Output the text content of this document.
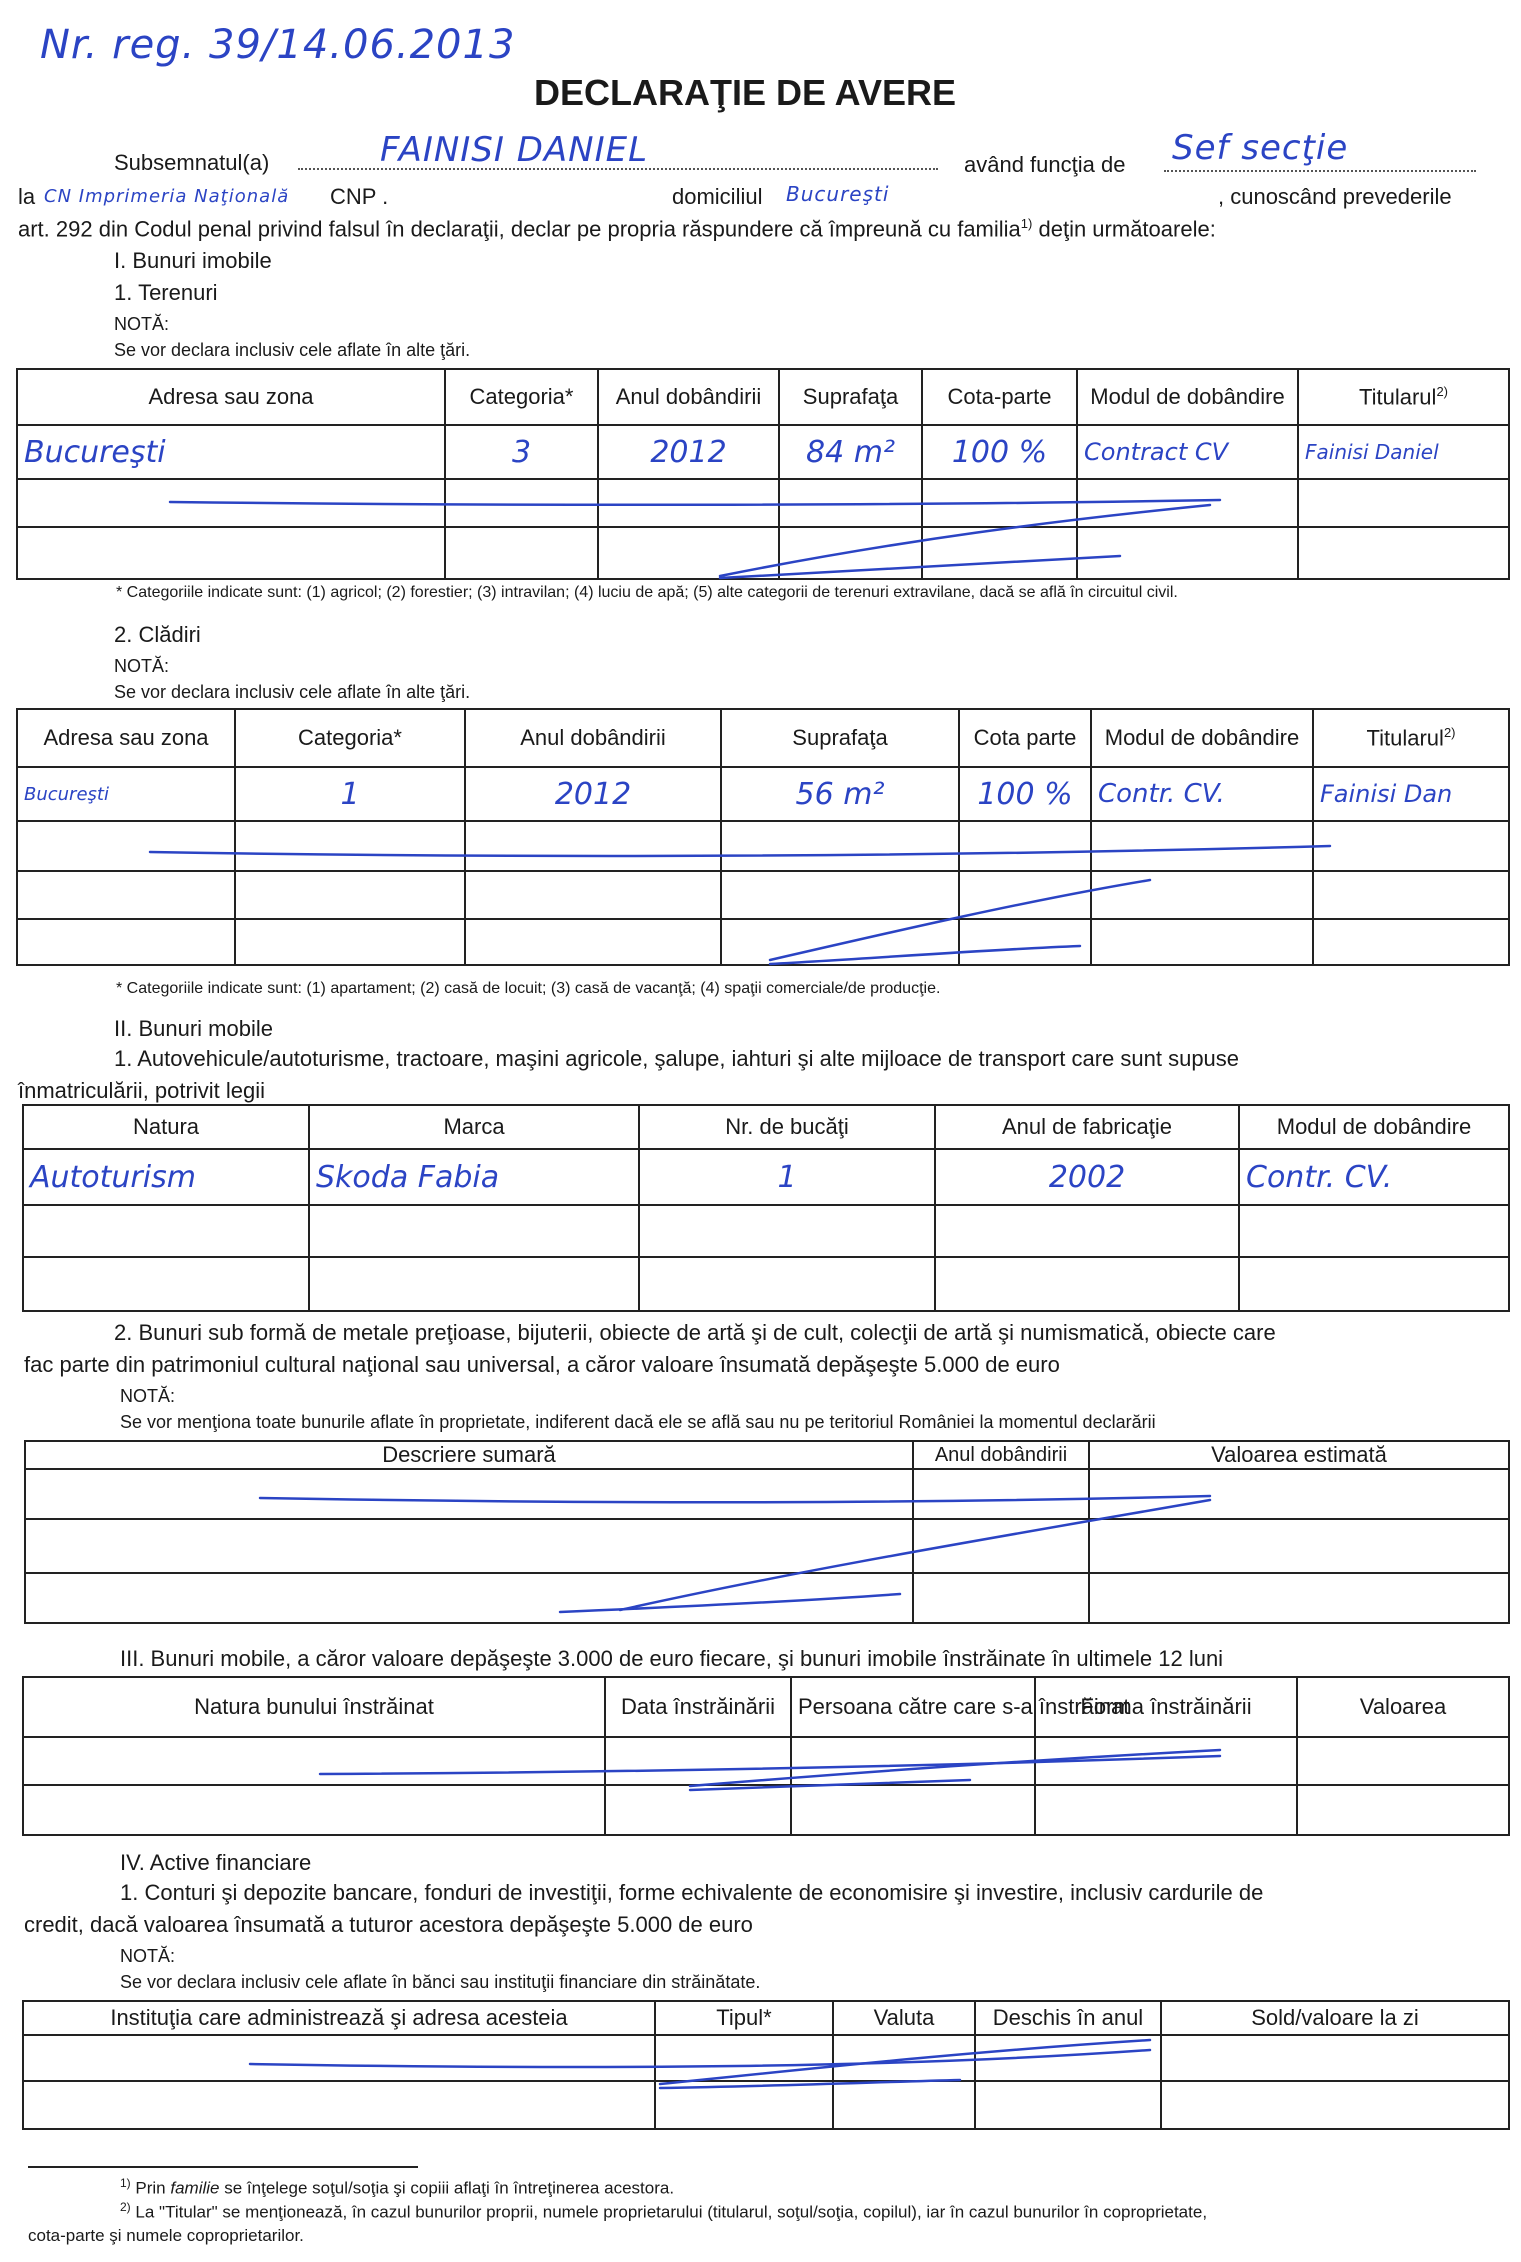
Nr. reg. 39/14.06.2013
DECLARAŢIE DE AVERE
Subsemnatul(a)	FAINISI DANIEL	având funcţia de Sef secţie
la CN Imprimeria Naţională CNP .	domiciliul Bucureşti	, cunoscând prevederile
art. 292 din Codul penal privind falsul în declaraţii, declar pe propria răspundere că împreună cu familia$^{1)}$ deţin următoarele:
I. Bunuri imobile
1. Terenuri
NOTĂ:
Se vor declara inclusiv cele aflate în alte ţări.
Adresa sau zona	Categoria*	Anul dobândirii	Suprafaţa	Cota-parte	Modul de dobândire	Titularul$^{2)}$
Bucureşti	3	2012	84 m²	100 %	Contract CV	Fainisi Daniel

* Categoriile indicate sunt: (1) agricol; (2) forestier; (3) intravilan; (4) luciu de apă; (5) alte categorii de terenuri extravilane, dacă se află în circuitul civil.
2. Clădiri
NOTĂ:
Se vor declara inclusiv cele aflate în alte ţări.
Adresa sau zona	Categoria*	Anul dobândirii	Suprafaţa	Cota parte	Modul de dobândire	Titularul$^{2)}$
Bucureşti	1	2012	56 m²	100 %	Contr. CV.	Fainisi Dan

* Categoriile indicate sunt: (1) apartament; (2) casă de locuit; (3) casă de vacanţă; (4) spaţii comerciale/de producţie.
II. Bunuri mobile
1. Autovehicule/autoturisme, tractoare, maşini agricole, şalupe, iahturi şi alte mijloace de transport care sunt supuse
înmatriculării, potrivit legii
Natura	Marca	Nr. de bucăţi	Anul de fabricaţie	Modul de dobândire
Autoturism	Skoda Fabia	1	2002	Contr. CV.

2. Bunuri sub formă de metale preţioase, bijuterii, obiecte de artă şi de cult, colecţii de artă şi numismatică, obiecte care
fac parte din patrimoniul cultural naţional sau universal, a căror valoare însumată depăşeşte 5.000 de euro
NOTĂ:
Se vor menţiona toate bunurile aflate în proprietate, indiferent dacă ele se află sau nu pe teritoriul României la momentul declarării
Descriere sumară	Anul dobândirii	Valoarea estimată

III. Bunuri mobile, a căror valoare depăşeşte 3.000 de euro fiecare, şi bunuri imobile înstrăinate în ultimele 12 luni
Natura bunului înstrăinat	Data înstrăinării	Persoana către care s-a înstrăinat	Forma înstrăinării	Valoarea

IV. Active financiare
1. Conturi şi depozite bancare, fonduri de investiţii, forme echivalente de economisire şi investire, inclusiv cardurile de
credit, dacă valoarea însumată a tuturor acestora depăşeşte 5.000 de euro
NOTĂ:
Se vor declara inclusiv cele aflate în bănci sau instituţii financiare din străinătate.
Instituţia care administrează şi adresa acesteia	Tipul*	Valuta	Deschis în anul	Sold/valoare la zi

$^{1)}$ Prin familie se înţelege soţul/soţia şi copiii aflaţi în întreţinerea acestora.
$^{2)}$ La "Titular" se menţionează, în cazul bunurilor proprii, numele proprietarului (titularul, soţul/soţia, copilul), iar în cazul bunurilor în coproprietate,
cota-parte şi numele coproprietarilor.
